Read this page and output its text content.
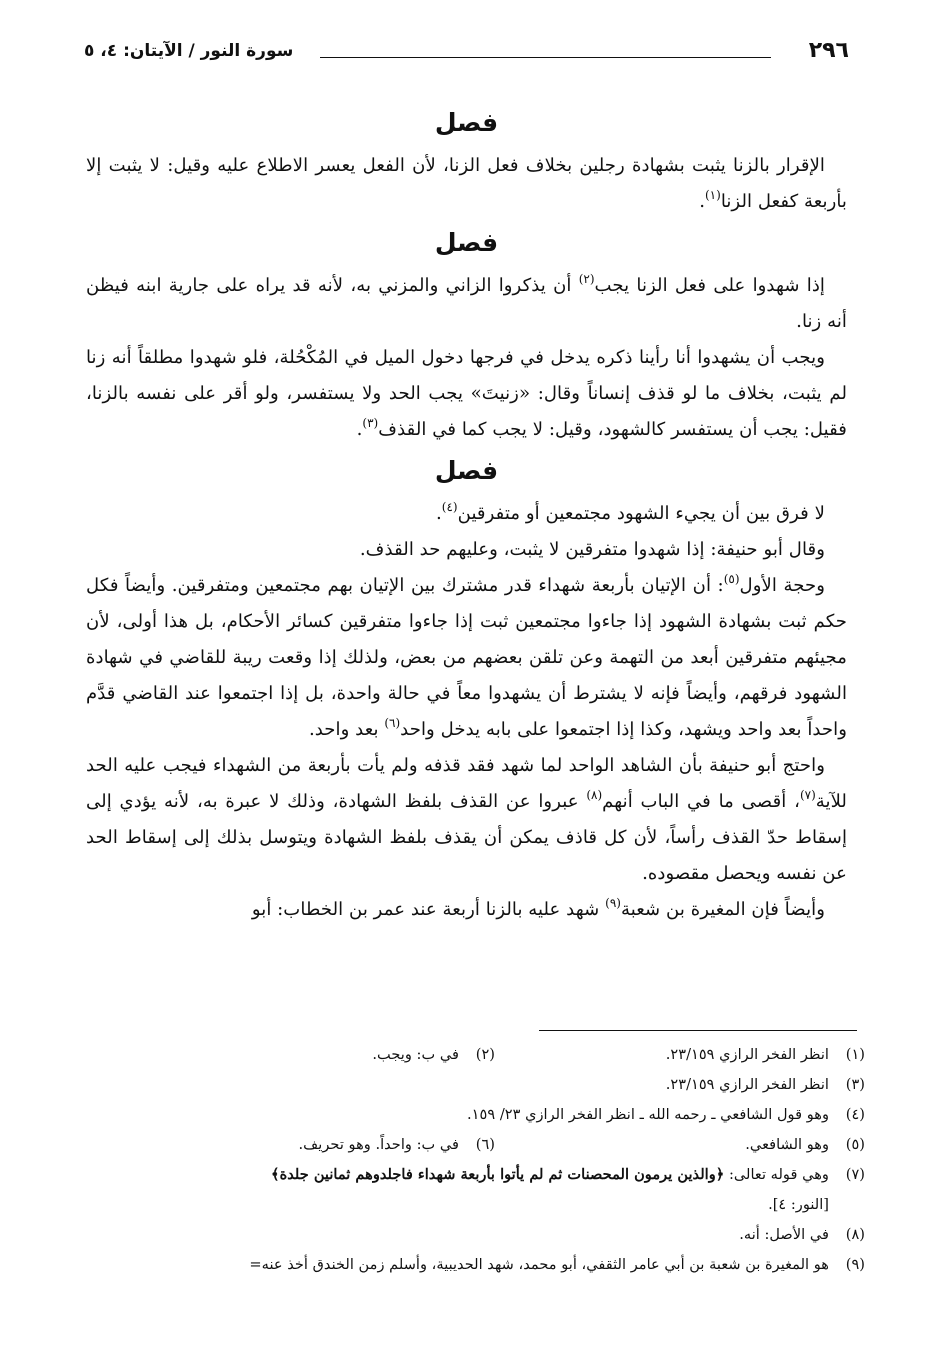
٢٩٦
سورة النور / الآيتان: ٤، ٥
فصل

الإقرار بالزنا يثبت بشهادة رجلين بخلاف فعل الزنا، لأن الفعل يعسر الاطلاع عليه وقيل: لا يثبت إلا بأربعة كفعل الزنا$^{(١)}$.

فصل

إذا شهدوا على فعل الزنا يجب$^{(٢)}$ أن يذكروا الزاني والمزني به، لأنه قد يراه على جارية ابنه فيظن أنه زنا.

ويجب أن يشهدوا أنا رأينا ذكره يدخل في فرجها دخول الميل في المُكْحُلة، فلو شهدوا مطلقاً أنه زنا لم يثبت، بخلاف ما لو قذف إنساناً وقال: «زنيتَ» يجب الحد ولا يستفسر، ولو أقر على نفسه بالزنا، فقيل: يجب أن يستفسر كالشهود، وقيل: لا يجب كما في القذف$^{(٣)}$.

فصل

لا فرق بين أن يجيء الشهود مجتمعين أو متفرقين$^{(٤)}$.

وقال أبو حنيفة: إذا شهدوا متفرقين لا يثبت، وعليهم حد القذف.

وحجة الأول$^{(٥)}$: أن الإتيان بأربعة شهداء قدر مشترك بين الإتيان بهم مجتمعين ومتفرقين. وأيضاً فكل حكم ثبت بشهادة الشهود إذا جاءوا مجتمعين ثبت إذا جاءوا متفرقين كسائر الأحكام، بل هذا أولى، لأن مجيئهم متفرقين أبعد من التهمة وعن تلقن بعضهم من بعض، ولذلك إذا وقعت ريبة للقاضي في شهادة الشهود فرقهم، وأيضاً فإنه لا يشترط أن يشهدوا معاً في حالة واحدة، بل إذا اجتمعوا عند القاضي قدَّم واحداً بعد واحد ويشهد، وكذا إذا اجتمعوا على بابه يدخل واحد$^{(٦)}$ بعد واحد.

واحتج أبو حنيفة بأن الشاهد الواحد لما شهد فقد قذفه ولم يأت بأربعة من الشهداء فيجب عليه الحد للآية$^{(٧)}$، أقصى ما في الباب أنهم$^{(٨)}$ عبروا عن القذف بلفظ الشهادة، وذلك لا عبرة به، لأنه يؤدي إلى إسقاط حدّ القذف رأساً، لأن كل قاذف يمكن أن يقذف بلفظ الشهادة ويتوسل بذلك إلى إسقاط الحد عن نفسه ويحصل مقصوده.

وأيضاً فإن المغيرة بن شعبة$^{(٩)}$ شهد عليه بالزنا أربعة عند عمر بن الخطاب: أبو

(١)انظر الفخر الرازي ٢٣/١٥٩.
(٢)في ب: ويجب.
(٣)انظر الفخر الرازي ٢٣/١٥٩.
(٤)وهو قول الشافعي ـ رحمه الله ـ انظر الفخر الرازي ٢٣/ ١٥٩.
(٥)وهو الشافعي.
(٦)في ب: واحداً. وهو تحريف.
(٧)وهي قوله تعالى: ﴿والذين يرمون المحصنات ثم لم يأتوا بأربعة شهداء فاجلدوهم ثمانين جلدة﴾
[النور: ٤].
(٨)في الأصل: أنه.
(٩)هو المغيرة بن شعبة بن أبي عامر الثقفي، أبو محمد، شهد الحديبية، وأسلم زمن الخندق أخذ عنه=
